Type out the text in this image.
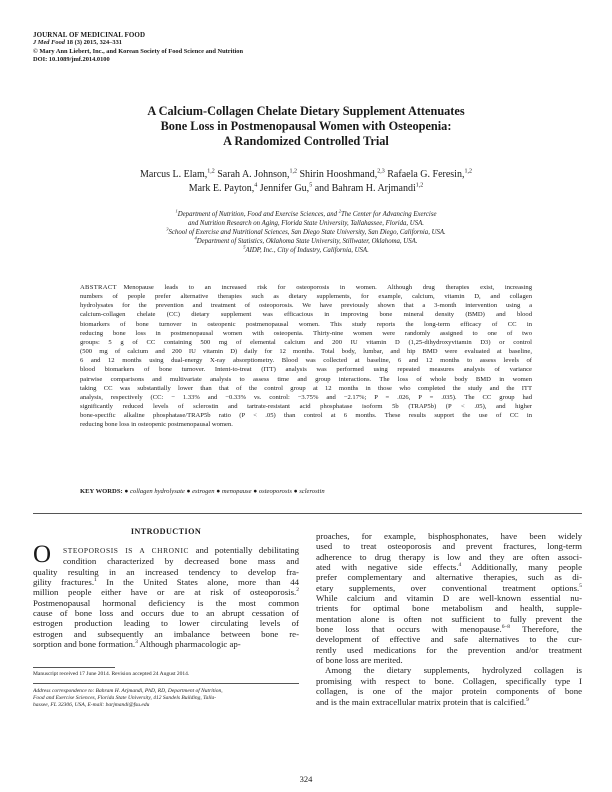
JOURNAL OF MEDICINAL FOOD
J Med Food 18 (3) 2015, 324–331
© Mary Ann Liebert, Inc., and Korean Society of Food Science and Nutrition
DOI: 10.1089/jmf.2014.0100
A Calcium-Collagen Chelate Dietary Supplement Attenuates
Bone Loss in Postmenopausal Women with Osteopenia:
A Randomized Controlled Trial
Marcus L. Elam,$^{1,2}$ Sarah A. Johnson,$^{1,2}$ Shirin Hooshmand,$^{2,3}$ Rafaela G. Feresin,$^{1,2}$
Mark E. Payton,$^4$ Jennifer Gu,$^5$ and Bahram H. Arjmandi$^{1,2}$
$^1$Department of Nutrition, Food and Exercise Sciences, and $^2$The Center for Advancing Exercise
and Nutrition Research on Aging, Florida State University, Tallahassee, Florida, USA.
$^3$School of Exercise and Nutritional Sciences, San Diego State University, San Diego, California, USA.
$^4$Department of Statistics, Oklahoma State University, Stillwater, Oklahoma, USA.
$^5$AIDP, Inc., City of Industry, California, USA.
ABSTRACT  Menopause leads to an increased risk for osteoporosis in women. Although drug therapies exist, increasing
numbers of people prefer alternative therapies such as dietary supplements, for example, calcium, vitamin D, and collagen
hydrolysates for the prevention and treatment of osteoporosis. We have previously shown that a 3-month intervention using a
calcium-collagen chelate (CC) dietary supplement was efficacious in improving bone mineral density (BMD) and blood
biomarkers of bone turnover in osteopenic postmenopausal women. This study reports the long-term efficacy of CC in
reducing bone loss in postmenopausal women with osteopenia. Thirty-nine women were randomly assigned to one of two
groups: 5 g of CC containing 500 mg of elemental calcium and 200 IU vitamin D (1,25-dihydroxyvitamin D3) or control
(500 mg of calcium and 200 IU vitamin D) daily for 12 months. Total body, lumbar, and hip BMD were evaluated at baseline,
6 and 12 months using dual-energy X-ray absorptiometry. Blood was collected at baseline, 6 and 12 months to assess levels of
blood biomarkers of bone turnover. Intent-to-treat (ITT) analysis was performed using repeated measures analysis of variance
pairwise comparisons and multivariate analysis to assess time and group interactions. The loss of whole body BMD in women
taking CC was substantially lower than that of the control group at 12 months in those who completed the study and the ITT
analysis, respectively (CC: − 1.33% and −0.33% vs. control: −3.75% and −2.17%; P = .026, P = .035). The CC group had
significantly reduced levels of sclerostin and tartrate-resistant acid phosphatase isoform 5b (TRAP5b) (P < .05), and higher
bone-specific alkaline phosphatase/TRAP5b ratio (P < .05) than control at 6 months. These results support the use of CC in
reducing bone loss in osteopenic postmenopausal women.
KEY WORDS: ● collagen hydrolysate ● estrogen ● menopause ● osteoporosis ● sclerostin
INTRODUCTION
O	STEOPOROSIS IS A CHRONIC and potentially debilitating
condition characterized by decreased bone mass and
quality resulting in an increased tendency to develop fra-
gility fractures.$^1$ In the United States alone, more than 44
million people either have or are at risk of osteoporosis.$^2$
Postmenopausal hormonal deficiency is the most common
cause of bone loss and occurs due to an abrupt cessation of
estrogen production leading to lower circulating levels of
estrogen and subsequently an imbalance between bone re-
sorption and bone formation.$^3$ Although pharmacologic ap-
proaches, for example, bisphosphonates, have been widely
used to treat osteoporosis and prevent fractures, long-term
adherence to drug therapy is low and they are often associ-
ated with negative side effects.$^4$ Additionally, many people
prefer complementary and alternative therapies, such as di-
etary supplements, over conventional treatment options.$^5$
While calcium and vitamin D are well-known essential nu-
trients for optimal bone metabolism and health, supple-
mentation alone is often not sufficient to fully prevent the
bone loss that occurs with menopause.$^{6-8}$ Therefore, the
development of effective and safe alternatives to the cur-
rently used medications for the prevention and/or treatment
of bone loss are merited.
Among the dietary supplements, hydrolyzed collagen is
promising with respect to bone. Collagen, specifically type I
collagen, is one of the major protein components of bone
and is the main extracellular matrix protein that is calcified.$^9$
Manuscript received 17 June 2014. Revision accepted 24 August 2014.
Address correspondence to: Bahram H. Arjmandi, PhD, RD, Department of Nutrition,
Food and Exercise Sciences, Florida State University, 412 Sandels Building, Talla-
hassee, FL 32306, USA, E-mail: barjmandi@fsu.edu
324
